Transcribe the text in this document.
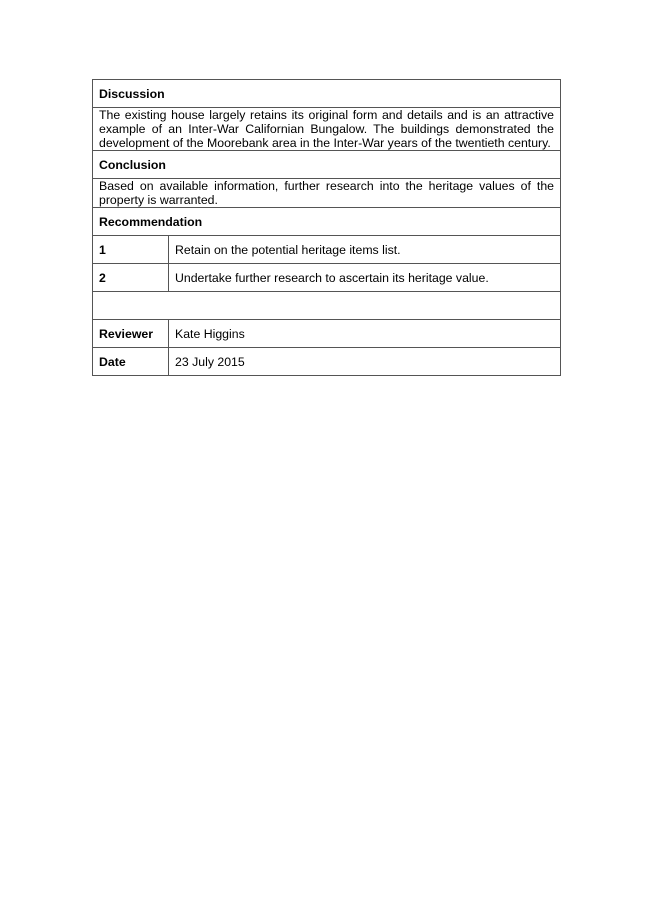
Discussion	
The existing house largely retains its original form and details and is an attractive example of an Inter-War Californian Bungalow. The buildings demonstrated the development of the Moorebank area in the Inter-War years of the twentieth century.	
Conclusion	
Based on available information, further research into the heritage values of the property is warranted.	
Recommendation	
1	Retain on the potential heritage items list.
2	Undertake further research to ascertain its heritage value.

Reviewer	Kate Higgins
Date	23 July 2015
